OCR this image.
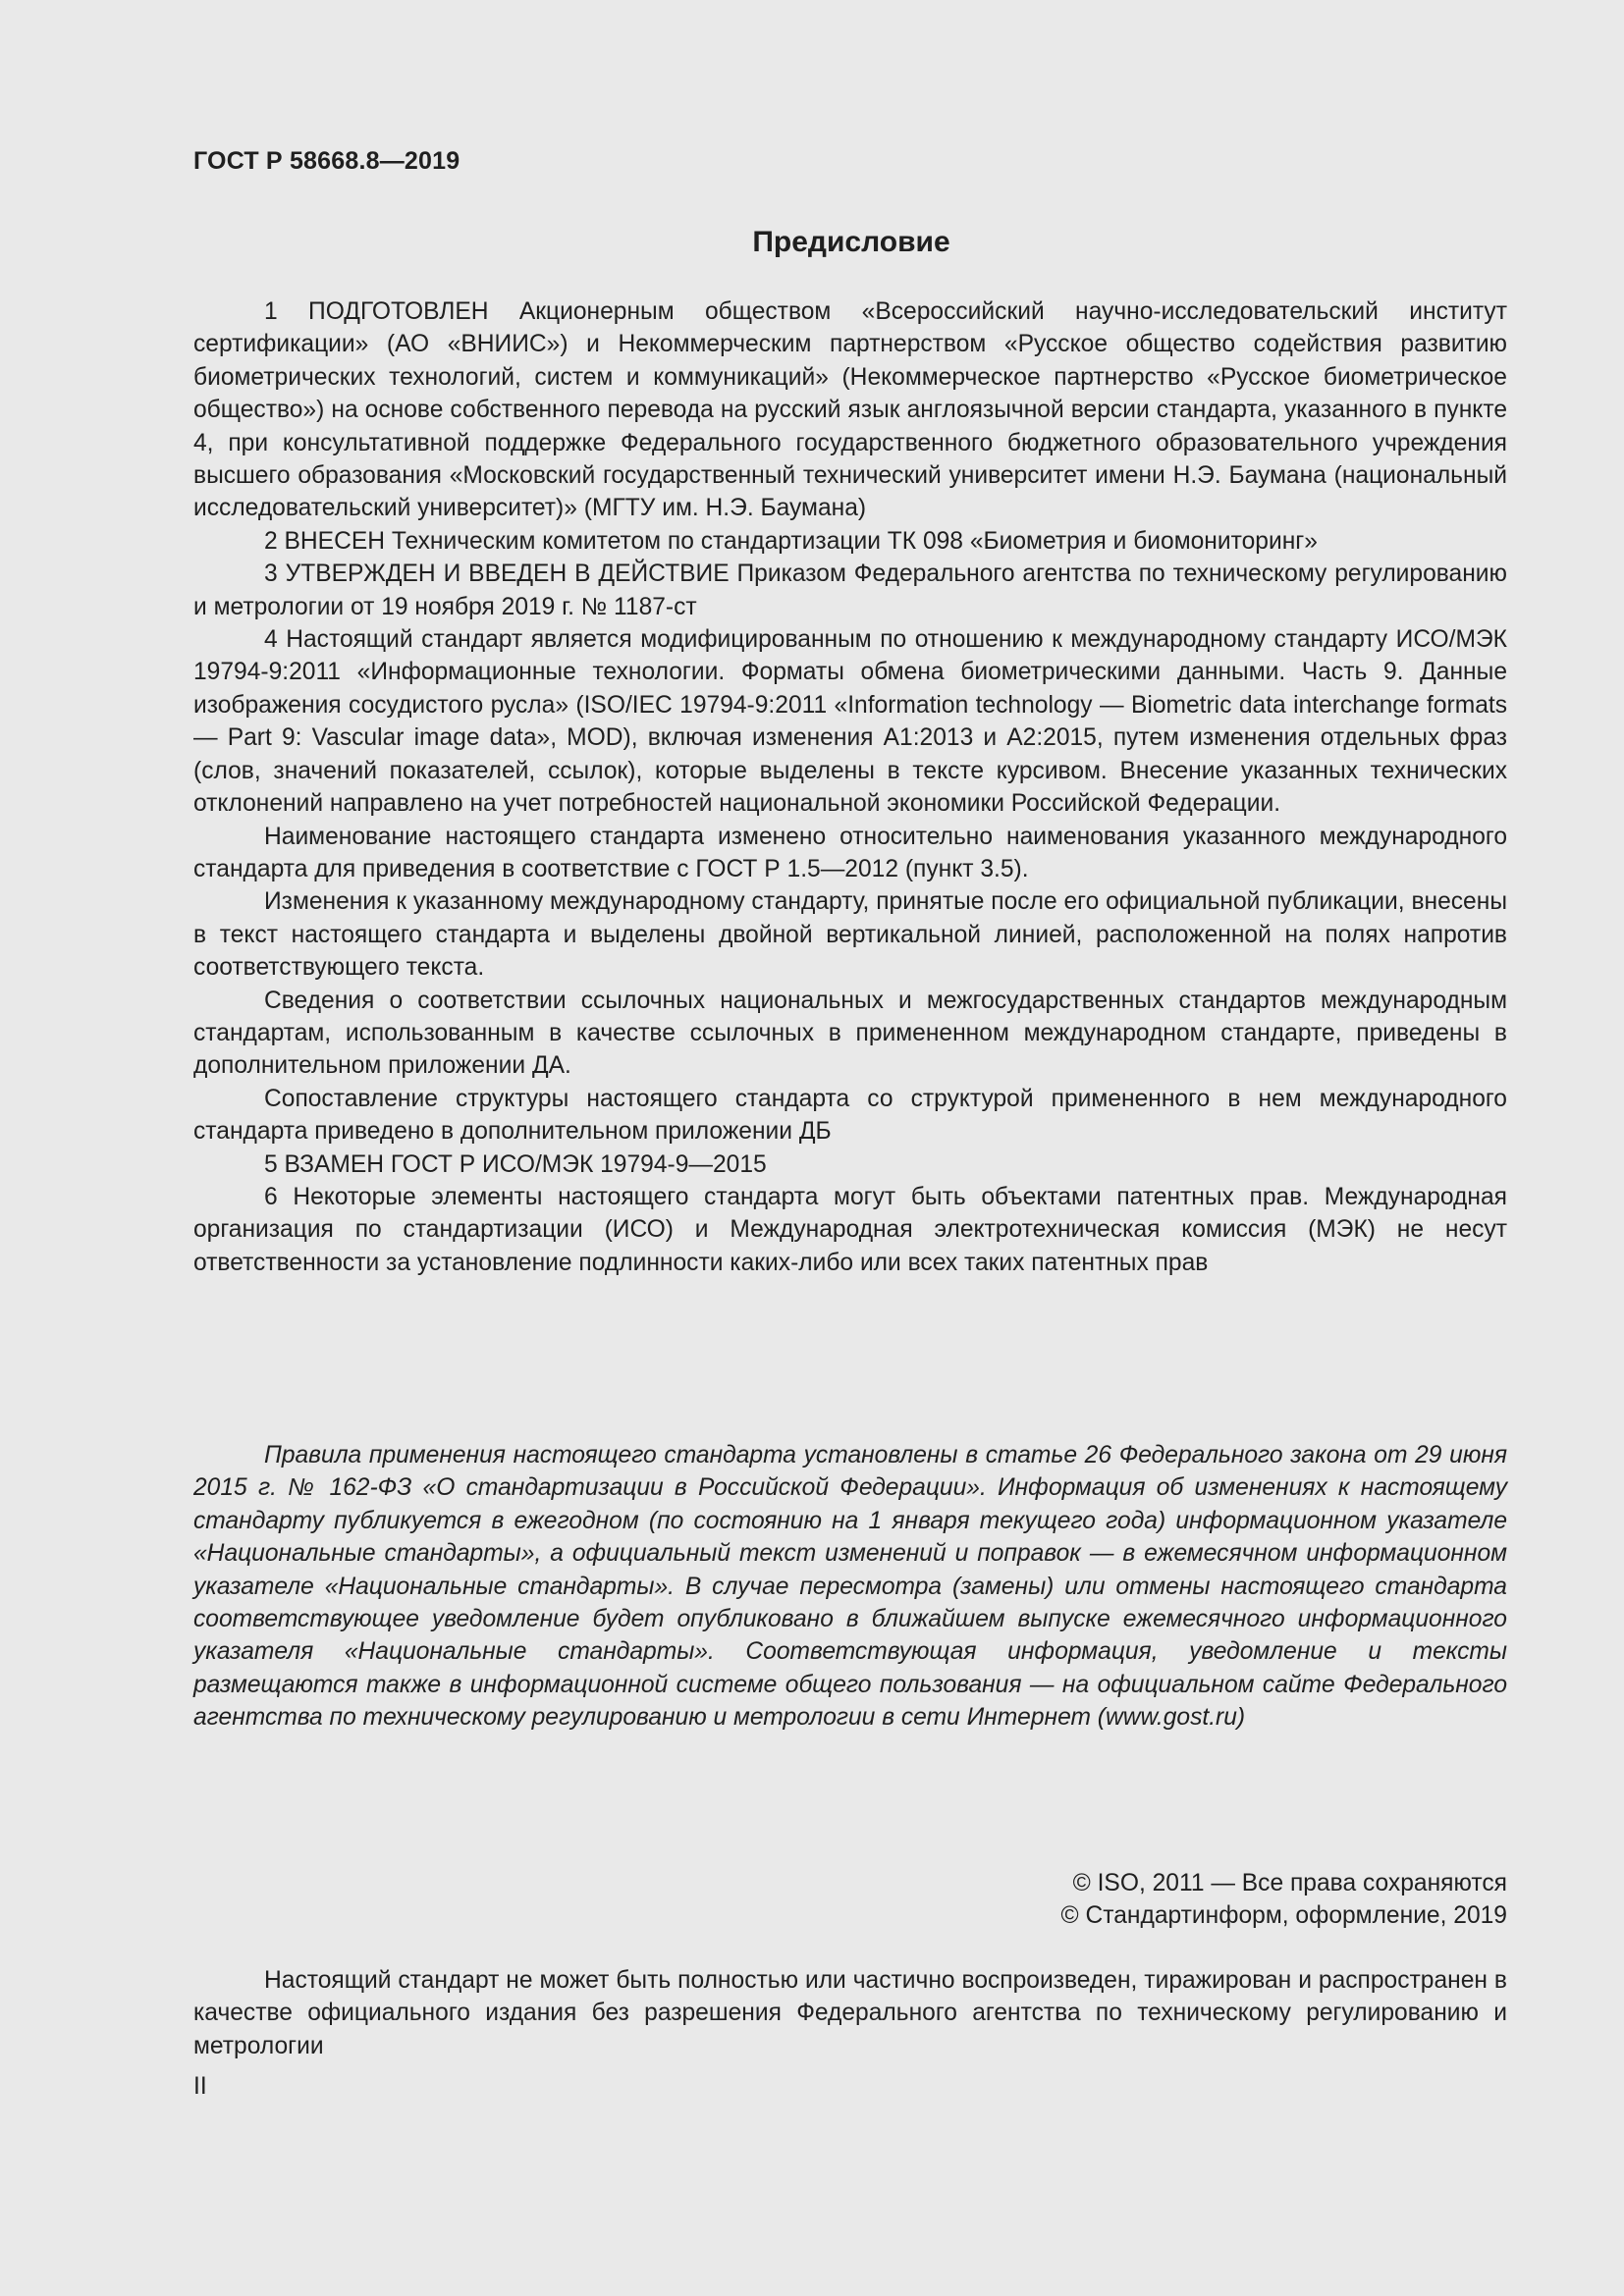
ГОСТ Р 58668.8—2019
Предисловие

1 ПОДГОТОВЛЕН Акционерным обществом «Всероссийский научно-исследовательский институт сертификации» (АО «ВНИИС») и Некоммерческим партнерством «Русское общество содействия развитию биометрических технологий, систем и коммуникаций» (Некоммерческое партнерство «Русское биометрическое общество») на основе собственного перевода на русский язык англоязычной версии стандарта, указанного в пункте 4, при консультативной поддержке Федерального государственного бюджетного образовательного учреждения высшего образования «Московский государственный технический университет имени Н.Э. Баумана (национальный исследовательский университет)» (МГТУ им. Н.Э. Баумана)

2 ВНЕСЕН Техническим комитетом по стандартизации ТК 098 «Биометрия и биомониторинг»

3 УТВЕРЖДЕН И ВВЕДЕН В ДЕЙСТВИЕ Приказом Федерального агентства по техническому регулированию и метрологии от 19 ноября 2019 г. № 1187-ст

4 Настоящий стандарт является модифицированным по отношению к международному стандарту ИСО/МЭК 19794-9:2011 «Информационные технологии. Форматы обмена биометрическими данными. Часть 9. Данные изображения сосудистого русла» (ISO/IEC 19794-9:2011 «Information technology — Biometric data interchange formats — Part 9: Vascular image data», MOD), включая изменения A1:2013 и A2:2015, путем изменения отдельных фраз (слов, значений показателей, ссылок), которые выделены в тексте курсивом. Внесение указанных технических отклонений направлено на учет потребностей национальной экономики Российской Федерации.

Наименование настоящего стандарта изменено относительно наименования указанного международного стандарта для приведения в соответствие с ГОСТ Р 1.5—2012 (пункт 3.5).

Изменения к указанному международному стандарту, принятые после его официальной публикации, внесены в текст настоящего стандарта и выделены двойной вертикальной линией, расположенной на полях напротив соответствующего текста.

Сведения о соответствии ссылочных национальных и межгосударственных стандартов международным стандартам, использованным в качестве ссылочных в примененном международном стандарте, приведены в дополнительном приложении ДА.

Сопоставление структуры настоящего стандарта со структурой примененного в нем международного стандарта приведено в дополнительном приложении ДБ

5 ВЗАМЕН ГОСТ Р ИСО/МЭК 19794-9—2015

6 Некоторые элементы настоящего стандарта могут быть объектами патентных прав. Международная организация по стандартизации (ИСО) и Международная электротехническая комиссия (МЭК) не несут ответственности за установление подлинности каких-либо или всех таких патентных прав

Правила применения настоящего стандарта установлены в статье 26 Федерального закона от 29 июня 2015 г. № 162-ФЗ «О стандартизации в Российской Федерации». Информация об изменениях к настоящему стандарту публикуется в ежегодном (по состоянию на 1 января текущего года) информационном указателе «Национальные стандарты», а официальный текст изменений и поправок — в ежемесячном информационном указателе «Национальные стандарты». В случае пересмотра (замены) или отмены настоящего стандарта соответствующее уведомление будет опубликовано в ближайшем выпуске ежемесячного информационного указателя «Национальные стандарты». Соответствующая информация, уведомление и тексты размещаются также в информационной системе общего пользования — на официальном сайте Федерального агентства по техническому регулированию и метрологии в сети Интернет (www.gost.ru)

© ISO, 2011 — Все права сохраняются
© Стандартинформ, оформление, 2019

Настоящий стандарт не может быть полностью или частично воспроизведен, тиражирован и распространен в качестве официального издания без разрешения Федерального агентства по техническому регулированию и метрологии

II
